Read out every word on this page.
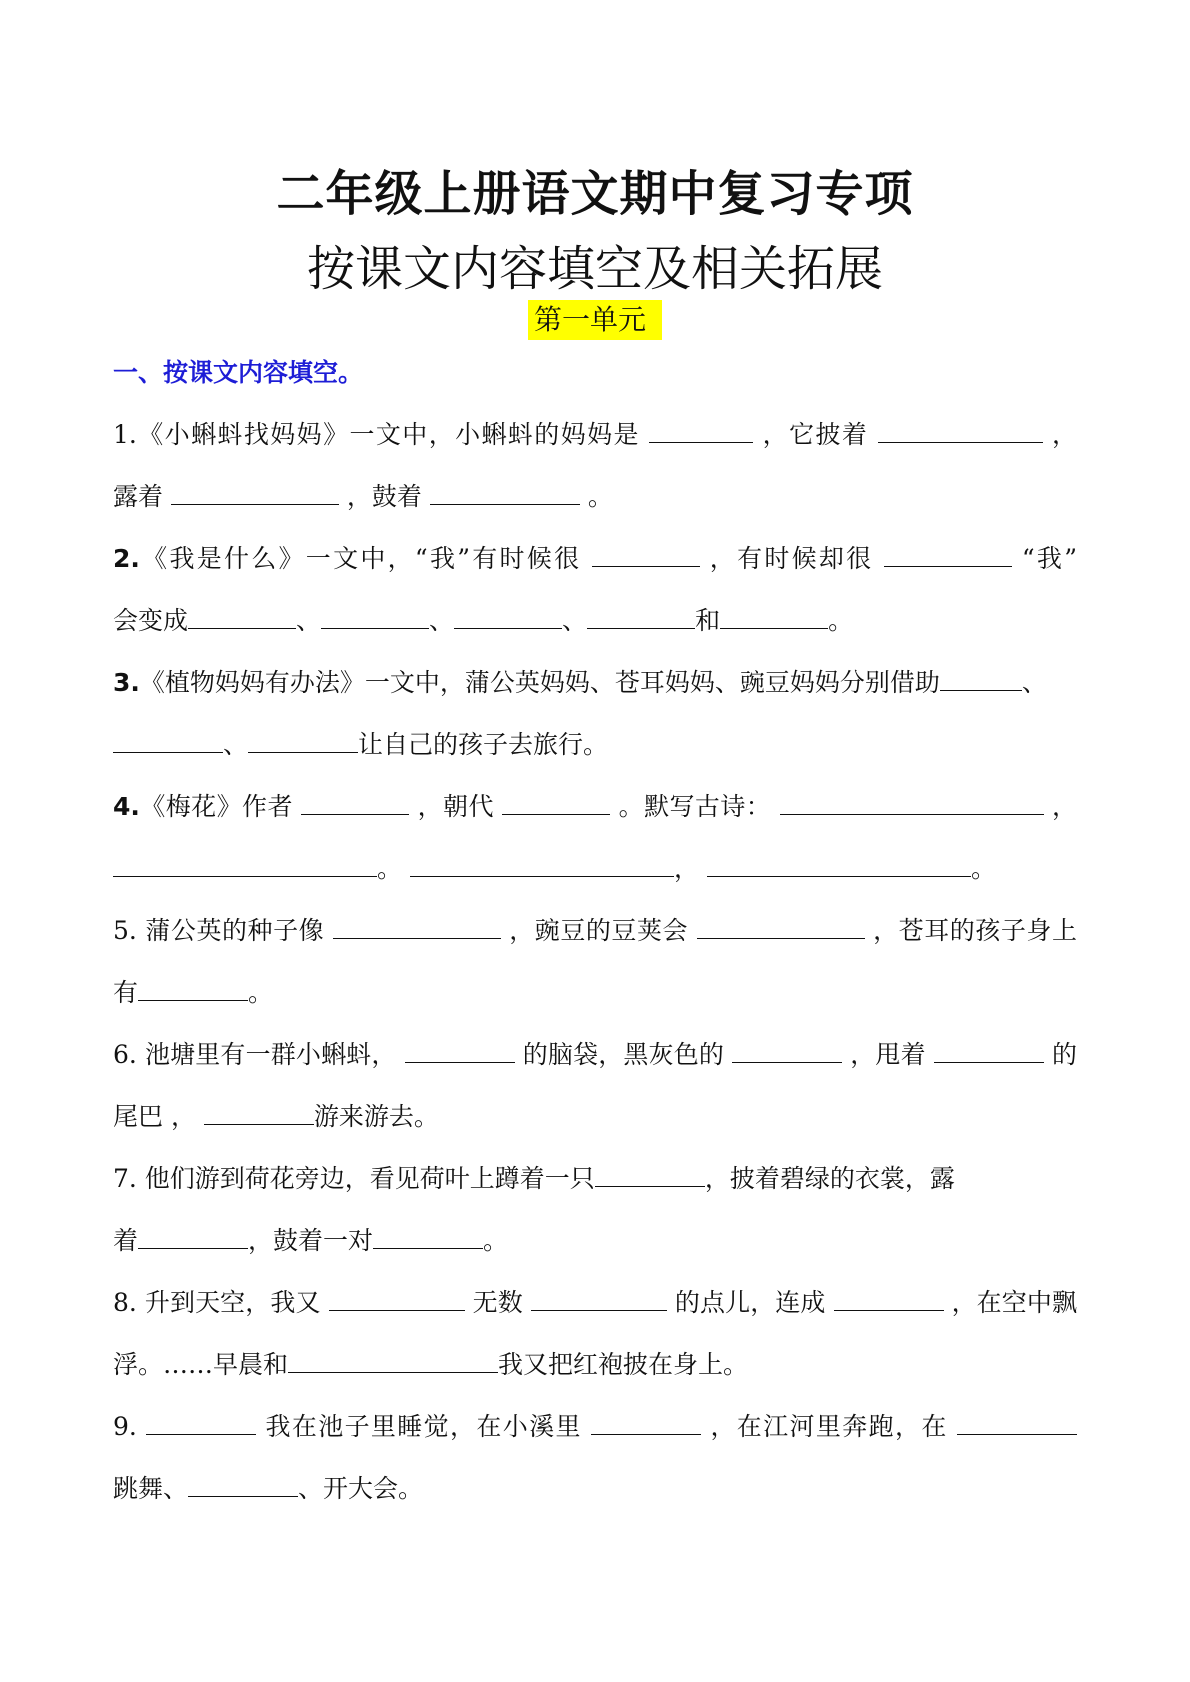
二年级上册语文期中复习专项
按课文内容填空及相关拓展
第一单元
一、按课文内容填空。
1.《小蝌蚪找妈妈》一文中，小蝌蚪的妈妈是	，它披着	，
露着	，鼓着	。
2.《我是什么》一文中，“我”有时候很	，有时候却很	“我”
会变成	、	、	、	和	。
3.《植物妈妈有办法》一文中，蒲公英妈妈、苍耳妈妈、豌豆妈妈分别借助	、
、	让自己的孩子去旅行。
4.《梅花》作者	，朝代	。默写古诗：	，
。	，	。
5. 蒲公英的种子像	，豌豆的豆荚会	，苍耳的孩子身上
有	。
6. 池塘里有一群小蝌蚪，	的脑袋，黑灰色的	，甩着	的
尾巴 ，	游来游去。
7. 他们游到荷花旁边，看见荷叶上蹲着一只	，披着碧绿的衣裳，露
着	，鼓着一对	。
8. 升到天空，我又	无数	的点儿，连成	，在空中飘
浮。……早晨和	我又把红袍披在身上。
9.	我在池子里睡觉，在小溪里	，在江河里奔跑，在
跳舞、	、开大会。
